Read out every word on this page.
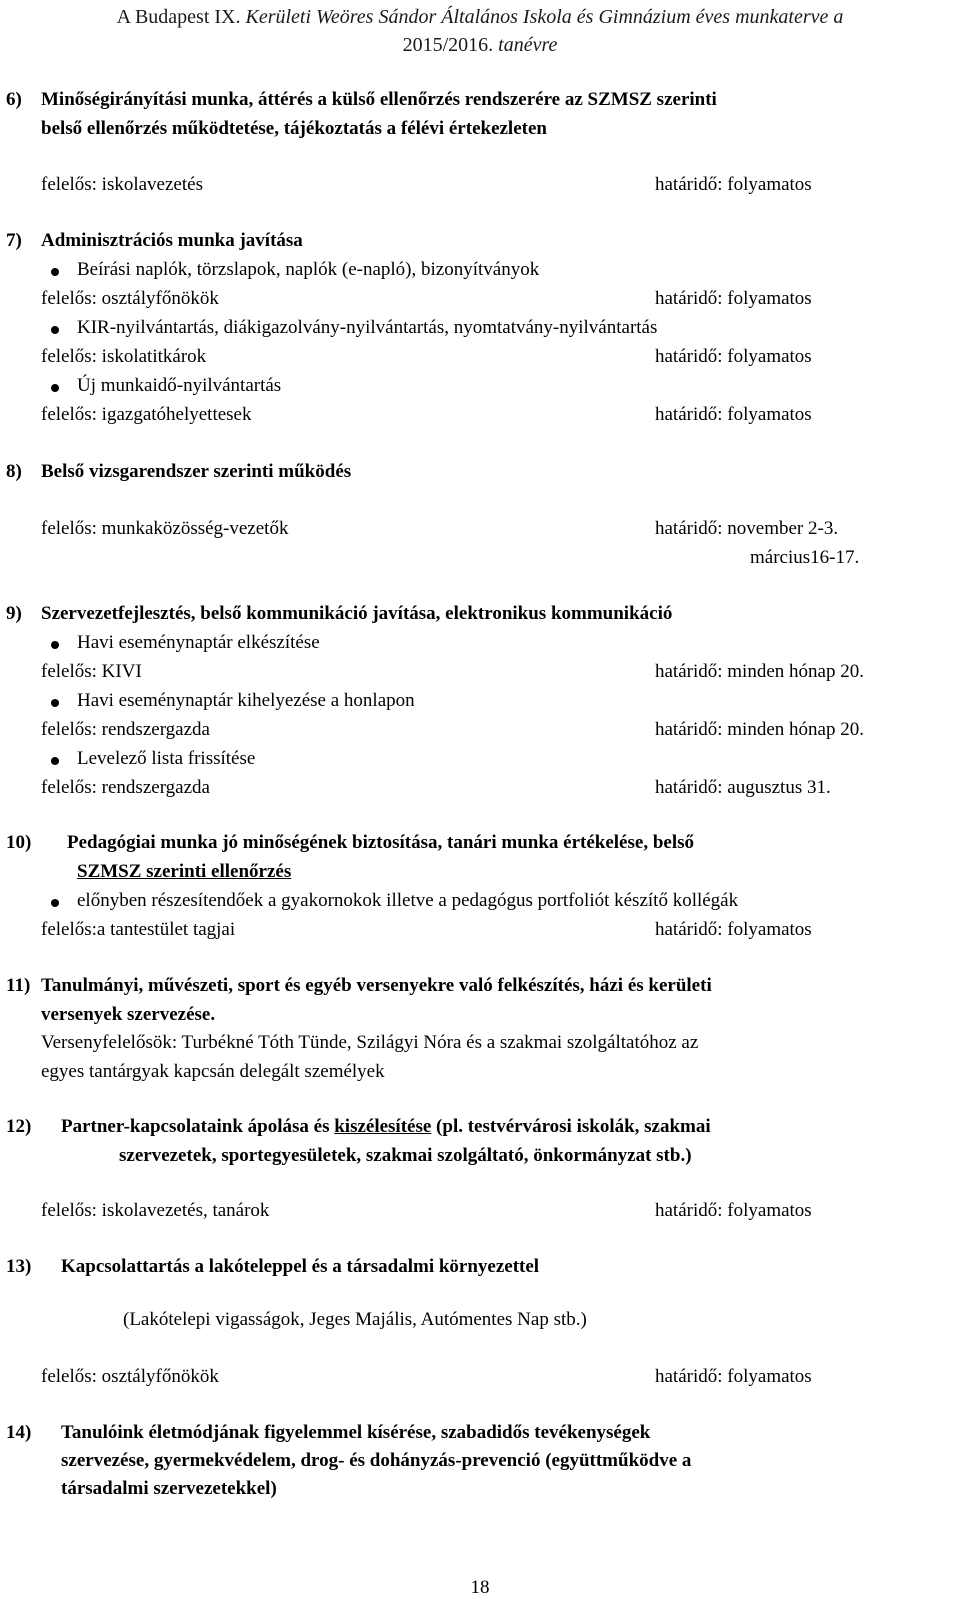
A Budapest IX. Kerületi Weöres Sándor Általános Iskola és Gimnázium éves munkaterve a
2015/2016. tanévre
6) Minőségirányítási munka, áttérés a külső ellenőrzés rendszerére az SZMSZ szerinti
belső ellenőrzés működtetése, tájékoztatás a félévi értekezleten
felelős: iskolavezetés	határidő: folyamatos
7) Adminisztrációs munka javítása
Beírási naplók, törzslapok, naplók (e-napló), bizonyítványok
felelős: osztályfőnökök	határidő: folyamatos
KIR-nyilvántartás, diákigazolvány-nyilvántartás, nyomtatvány-nyilvántartás
felelős: iskolatitkárok	határidő: folyamatos
Új munkaidő-nyilvántartás
felelős: igazgatóhelyettesek	határidő: folyamatos
8) Belső vizsgarendszer szerinti működés
felelős: munkaközösség-vezetők	határidő: november 2-3.
március16-17.
9) Szervezetfejlesztés, belső kommunikáció javítása, elektronikus kommunikáció
Havi eseménynaptár elkészítése
felelős: KIVI	határidő: minden hónap 20.
Havi eseménynaptár kihelyezése a honlapon
felelős: rendszergazda	határidő: minden hónap 20.
Levelező lista frissítése
felelős: rendszergazda	határidő: augusztus 31.
10) Pedagógiai munka jó minőségének biztosítása, tanári munka értékelése, belső
SZMSZ szerinti ellenőrzés
előnyben részesítendőek a gyakornokok illetve a pedagógus portfoliót készítő kollégák
felelős:a tantestület tagjai	határidő: folyamatos
11) Tanulmányi, művészeti, sport és egyéb versenyekre való felkészítés, házi és kerületi
versenyek szervezése.
Versenyfelelősök: Turbékné Tóth Tünde, Szilágyi Nóra és a szakmai szolgáltatóhoz az
egyes tantárgyak kapcsán delegált személyek
12) Partner-kapcsolataink ápolása és kiszélesítése (pl. testvérvárosi iskolák, szakmai
szervezetek, sportegyesületek, szakmai szolgáltató, önkormányzat stb.)
felelős: iskolavezetés, tanárok	határidő: folyamatos
13) Kapcsolattartás a lakóteleppel és a társadalmi környezettel
(Lakótelepi vigasságok, Jeges Majális, Autómentes Nap stb.)
felelős: osztályfőnökök	határidő: folyamatos
14) Tanulóink életmódjának figyelemmel kísérése, szabadidős tevékenységek
szervezése, gyermekvédelem, drog- és dohányzás-prevenció (együttműködve a
társadalmi szervezetekkel)
18
